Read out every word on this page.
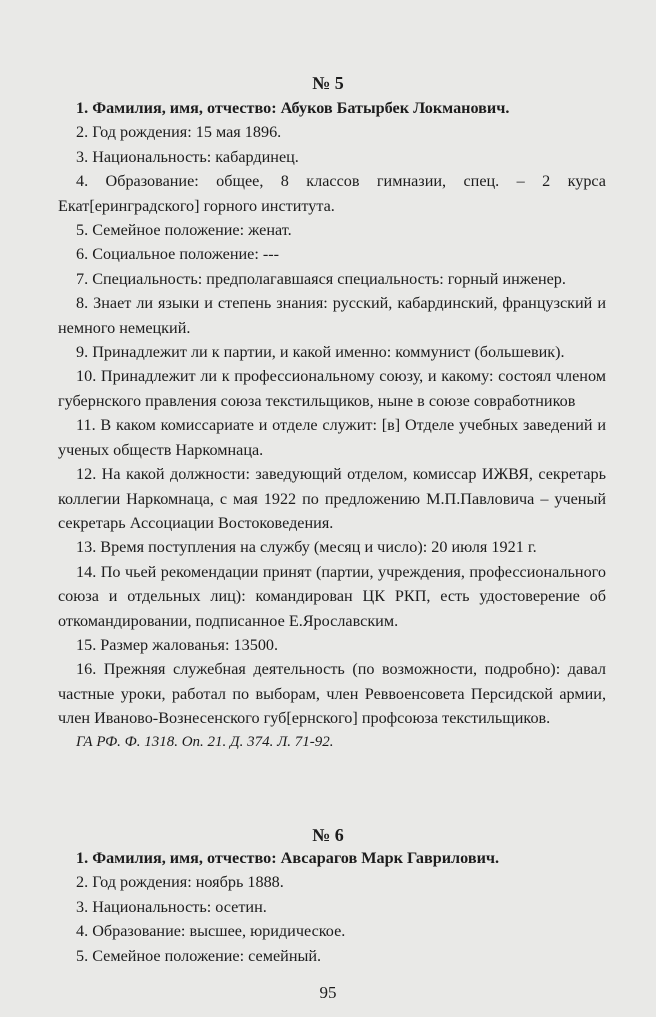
№ 5

1. Фамилия, имя, отчество: Абуков Батырбек Локманович.

2. Год рождения: 15 мая 1896.

3. Национальность: кабардинец.

4. Образование: общее, 8 классов гимназии, спец. – 2 курса Екат[еринградского] горного института.

5. Семейное положение: женат.

6. Социальное положение: ---

7. Специальность: предполагавшаяся специальность: горный инженер.

8. Знает ли языки и степень знания: русский, кабардинский, французский и немного немецкий.

9. Принадлежит ли к партии, и какой именно: коммунист (большевик).

10. Принадлежит ли к профессиональному союзу, и какому: состоял членом губернского правления союза текстильщиков, ныне в союзе совработников

11. В каком комиссариате и отделе служит: [в] Отделе учебных заведений и ученых обществ Наркомнаца.

12. На какой должности: заведующий отделом, комиссар ИЖВЯ, секретарь коллегии Наркомнаца, с мая 1922 по предложению М.П.Павловича – ученый секретарь Ассоциации Востоковедения.

13. Время поступления на службу (месяц и число): 20 июля 1921 г.

14. По чьей рекомендации принят (партии, учреждения, профессионального союза и отдельных лиц): командирован ЦК РКП, есть удостоверение об откомандировании, подписанное Е.Ярославским.

15. Размер жалованья: 13500.

16. Прежняя служебная деятельность (по возможности, подробно): давал частные уроки, работал по выборам, член Реввоенсовета Персидской армии, член Иваново-Вознесенского губ[ернского] профсоюза текстильщиков.

ГА РФ. Ф. 1318. Оп. 21. Д. 374. Л. 71-92.

№ 6

1. Фамилия, имя, отчество: Авсарагов Марк Гаврилович.

2. Год рождения: ноябрь 1888.

3. Национальность: осетин.

4. Образование: высшее, юридическое.

5. Семейное положение: семейный.

95
